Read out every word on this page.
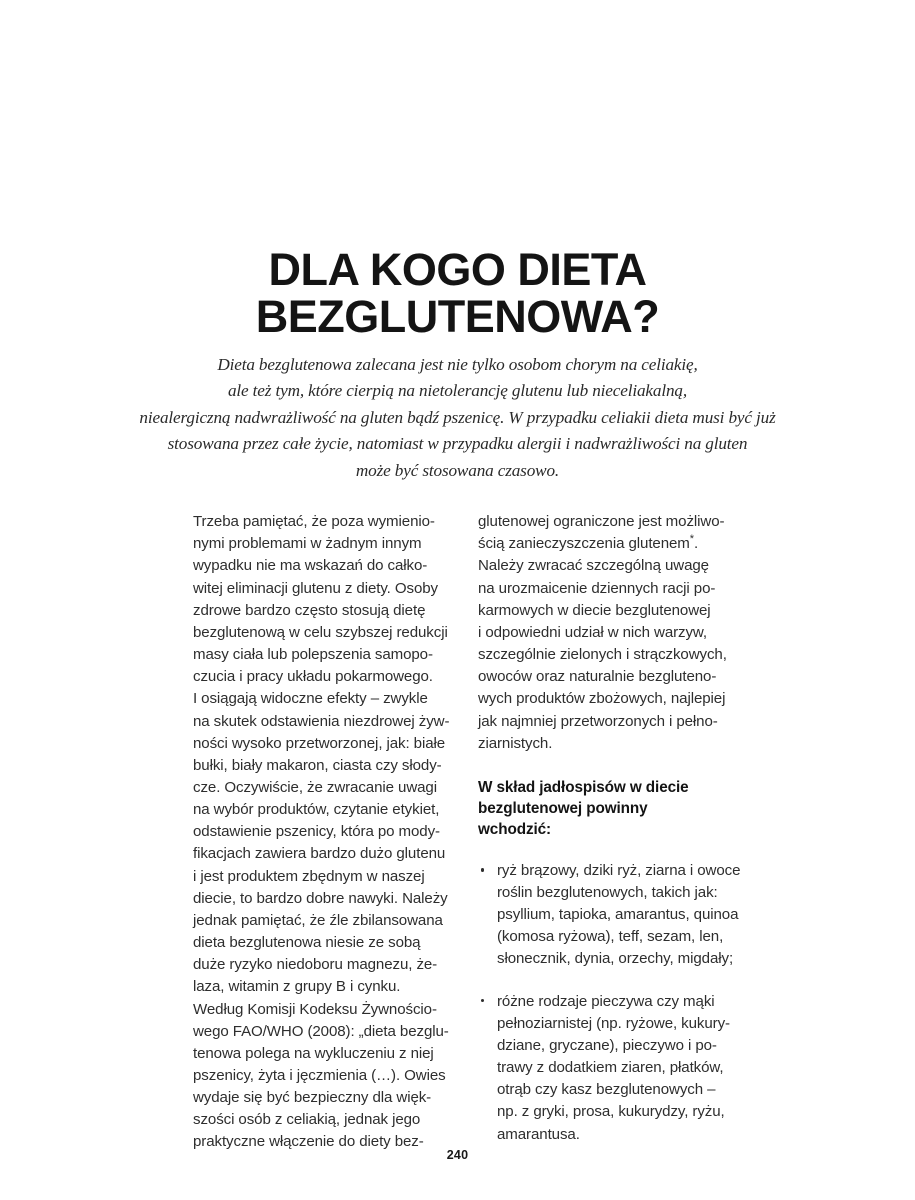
DLA KOGO DIETA
BEZGLUTENOWA?
Dieta bezglutenowa zalecana jest nie tylko osobom chorym na celiakię,
ale też tym, które cierpią na nietolerancję glutenu lub nieceliakalną,
niealergiczną nadwrażliwość na gluten bądź pszenicę. W przypadku celiakii dieta musi być już
stosowana przez całe życie, natomiast w przypadku alergii i nadwrażliwości na gluten
może być stosowana czasowo.

Trzeba pamiętać, że poza wymienio-
nymi problemami w żadnym innym
wypadku nie ma wskazań do całko-
witej eliminacji glutenu z diety. Osoby
zdrowe bardzo często stosują dietę
bezglutenową w celu szybszej redukcji
masy ciała lub polepszenia samopo-
czucia i pracy układu pokarmowego.
I osiągają widoczne efekty – zwykle
na skutek odstawienia niezdrowej żyw-
ności wysoko przetworzonej, jak: białe
bułki, biały makaron, ciasta czy słody-
cze. Oczywiście, że zwracanie uwagi
na wybór produktów, czytanie etykiet,
odstawienie pszenicy, która po mody-
fikacjach zawiera bardzo dużo glutenu
i jest produktem zbędnym w naszej
diecie, to bardzo dobre nawyki. Należy
jednak pamiętać, że źle zbilansowana
dieta bezglutenowa niesie ze sobą
duże ryzyko niedoboru magnezu, że-
laza, witamin z grupy B i cynku.
Według Komisji Kodeksu Żywnościo-
wego FAO/WHO (2008): „dieta bezglu-
tenowa polega na wykluczeniu z niej
pszenicy, żyta i jęczmienia (…). Owies
wydaje się być bezpieczny dla więk-
szości osób z celiakią, jednak jego
praktyczne włączenie do diety bez-

glutenowej ograniczone jest możliwo-
ścią zanieczyszczenia glutenem*.
Należy zwracać szczególną uwagę
na urozmaicenie dziennych racji po-
karmowych w diecie bezglutenowej
i odpowiedni udział w nich warzyw,
szczególnie zielonych i strączkowych,
owoców oraz naturalnie bezgluteno-
wych produktów zbożowych, najlepiej
jak najmniej przetworzonych i pełno-
ziarnistych.

W skład jadłospisów w diecie
bezglutenowej powinny
wchodzić:

ryż brązowy, dziki ryż, ziarna i owoce
roślin bezglutenowych, takich jak:
psyllium, tapioka, amarantus, quinoa
(komosa ryżowa), teff, sezam, len,
słonecznik, dynia, orzechy, migdały;
różne rodzaje pieczywa czy mąki
pełnoziarnistej (np. ryżowe, kukury-
dziane, gryczane), pieczywo i po-
trawy z dodatkiem ziaren, płatków,
otrąb czy kasz bezglutenowych –
np. z gryki, prosa, kukurydzy, ryżu,
amarantusa.
240
